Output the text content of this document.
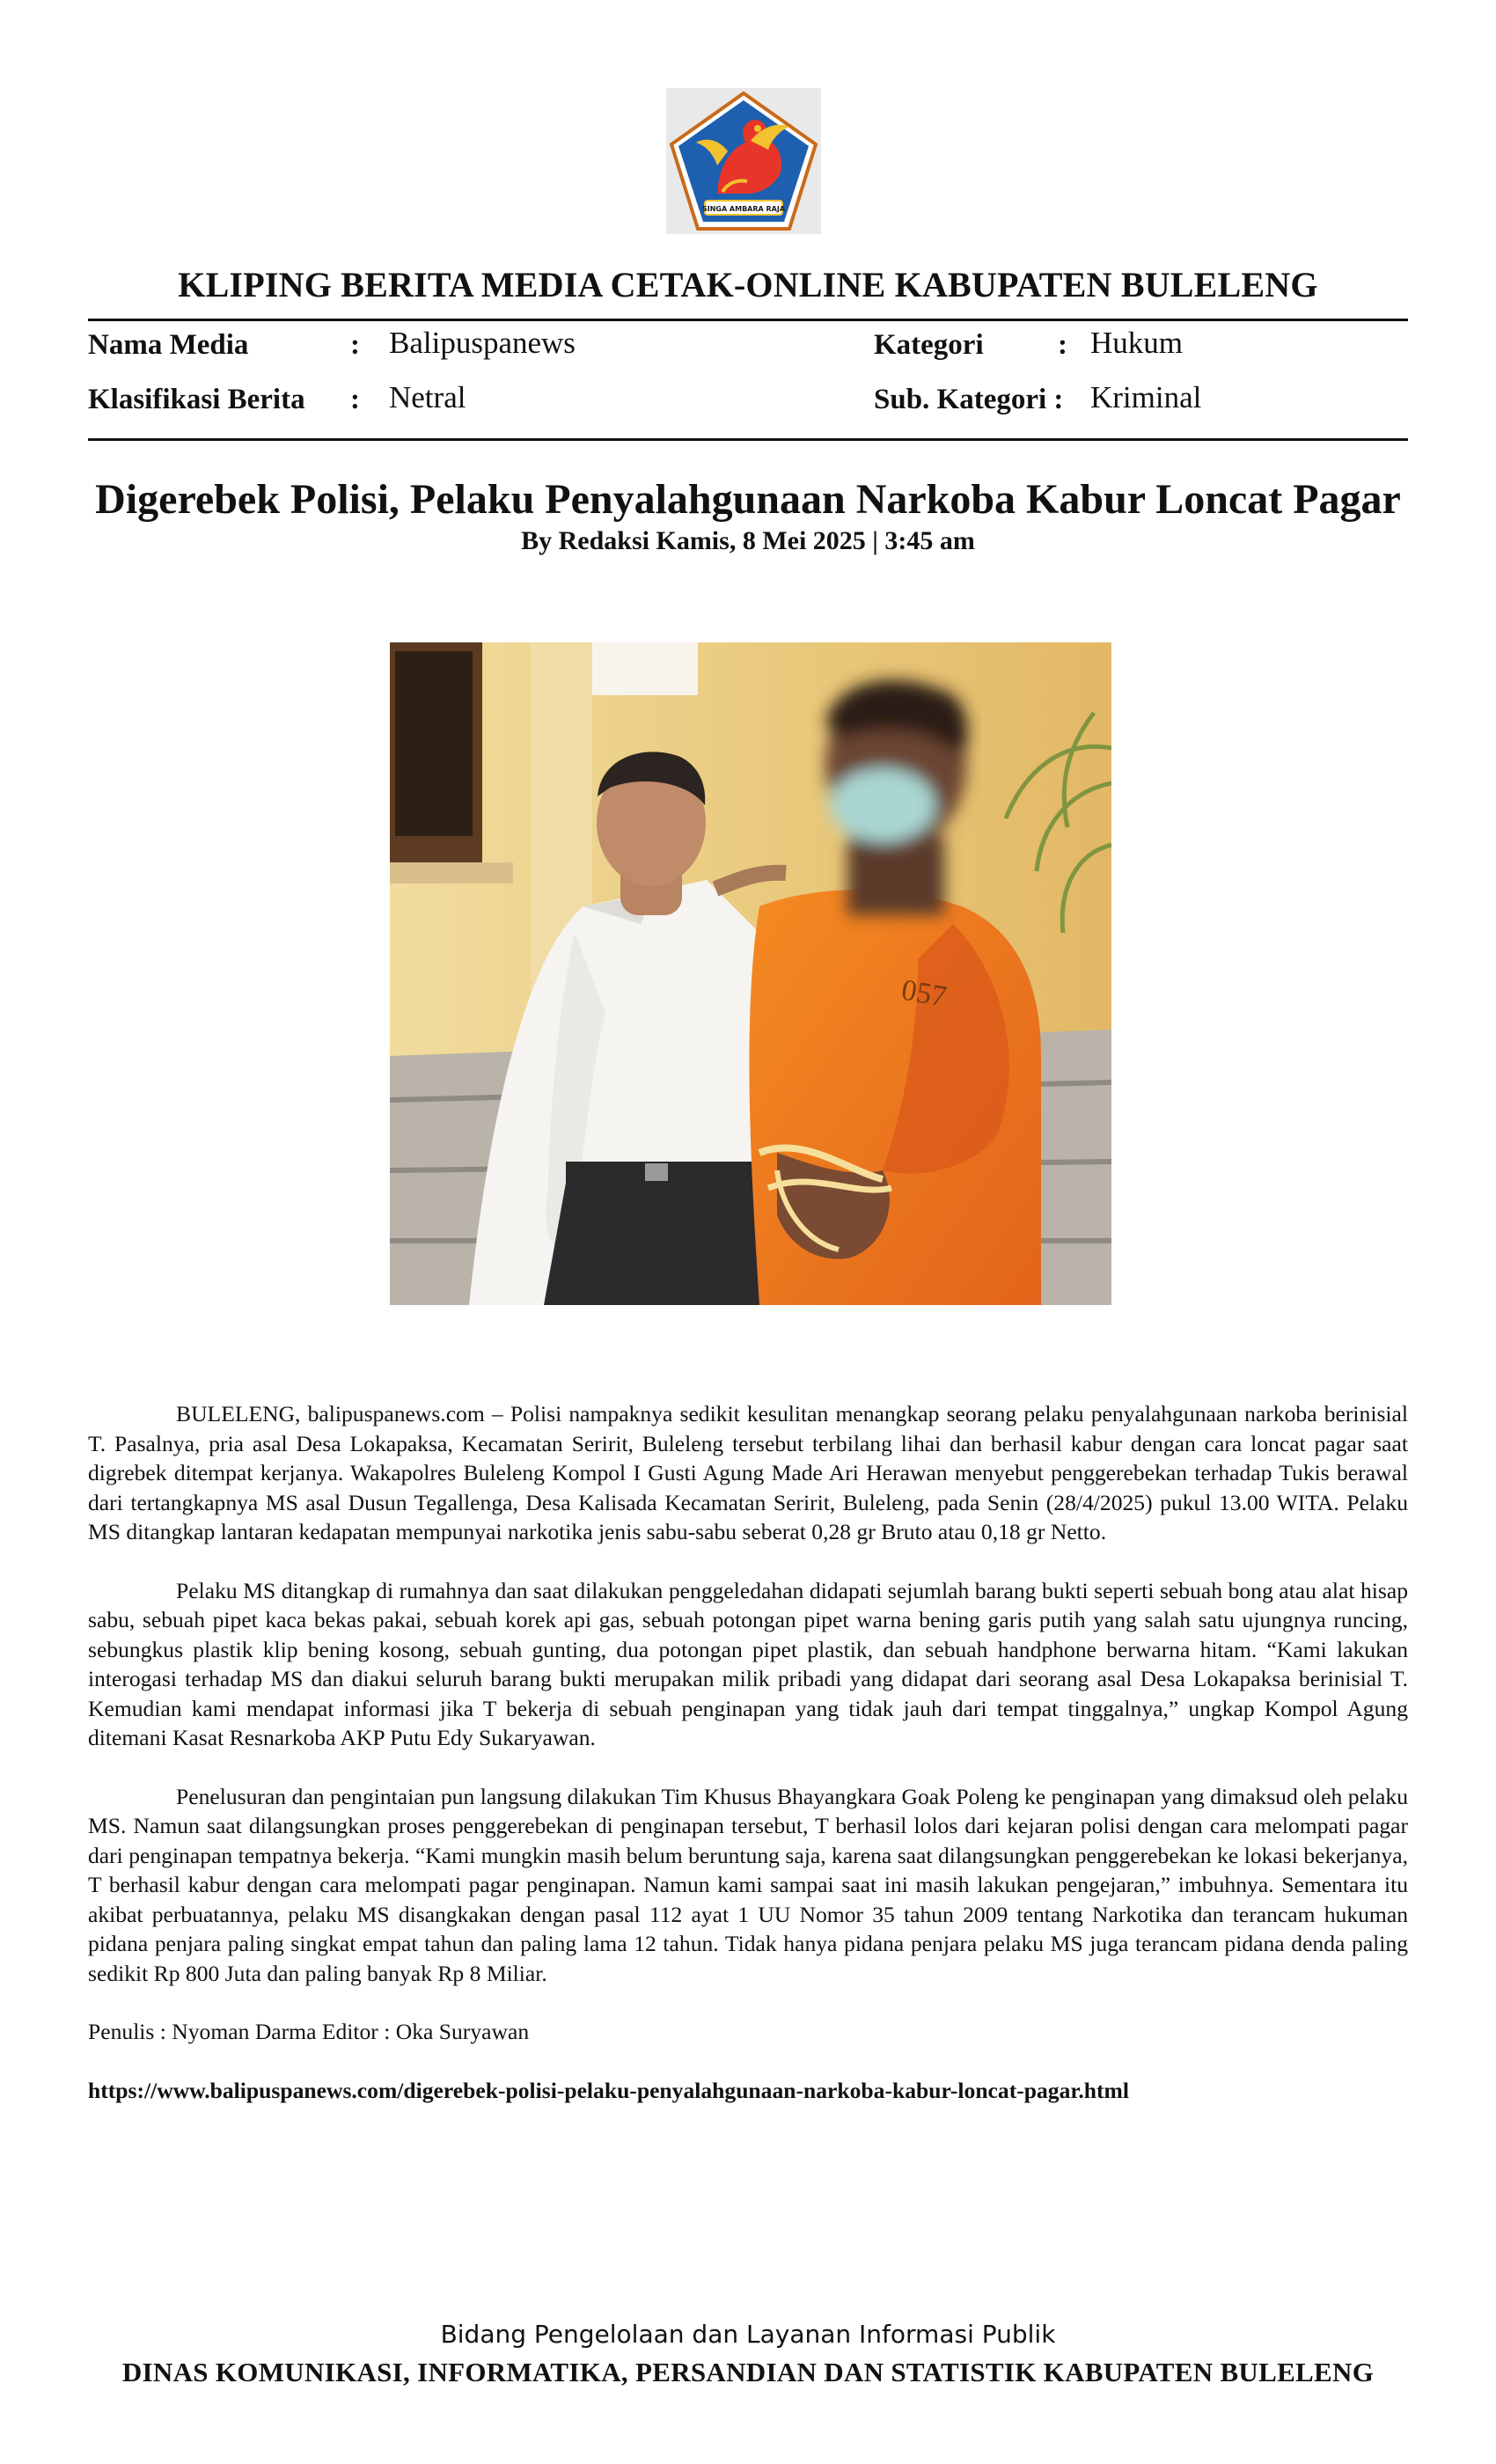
SINGA AMBARA RAJA
KLIPING BERITA MEDIA CETAK-ONLINE KABUPATEN BULELENG
Nama Media	: Balipuspanews	Kategori	: Hukum
Klasifikasi Berita : Netral	Sub. Kategori : Kriminal
Digerebek Polisi, Pelaku Penyalahgunaan Narkoba Kabur Loncat Pagar
By Redaksi Kamis, 8 Mei 2025 | 3:45 am
057

BULELENG, balipuspanews.com – Polisi nampaknya sedikit kesulitan menangkap seorang pelaku penyalahgunaan narkoba berinisial T. Pasalnya, pria asal Desa Lokapaksa, Kecamatan Seririt, Buleleng tersebut terbilang lihai dan berhasil kabur dengan cara loncat pagar saat digrebek ditempat kerjanya. Wakapolres Buleleng Kompol I Gusti Agung Made Ari Herawan menyebut penggerebekan terhadap Tukis berawal dari tertangkapnya MS asal Dusun Tegallenga, Desa Kalisada Kecamatan Seririt, Buleleng, pada Senin (28/4/2025) pukul 13.00 WITA. Pelaku MS ditangkap lantaran kedapatan mempunyai narkotika jenis sabu-sabu seberat 0,28 gr Bruto atau 0,18 gr Netto.

Pelaku MS ditangkap di rumahnya dan saat dilakukan penggeledahan didapati sejumlah barang bukti seperti sebuah bong atau alat hisap sabu, sebuah pipet kaca bekas pakai, sebuah korek api gas, sebuah potongan pipet warna bening garis putih yang salah satu ujungnya runcing, sebungkus plastik klip bening kosong, sebuah gunting, dua potongan pipet plastik, dan sebuah handphone berwarna hitam. “Kami lakukan interogasi terhadap MS dan diakui seluruh barang bukti merupakan milik pribadi yang didapat dari seorang asal Desa Lokapaksa berinisial T. Kemudian kami mendapat informasi jika T bekerja di sebuah penginapan yang tidak jauh dari tempat tinggalnya,” ungkap Kompol Agung ditemani Kasat Resnarkoba AKP Putu Edy Sukaryawan.

Penelusuran dan pengintaian pun langsung dilakukan Tim Khusus Bhayangkara Goak Poleng ke penginapan yang dimaksud oleh pelaku MS. Namun saat dilangsungkan proses penggerebekan di penginapan tersebut, T berhasil lolos dari kejaran polisi dengan cara melompati pagar dari penginapan tempatnya bekerja. “Kami mungkin masih belum beruntung saja, karena saat dilangsungkan penggerebekan ke lokasi bekerjanya, T berhasil kabur dengan cara melompati pagar penginapan. Namun kami sampai saat ini masih lakukan pengejaran,” imbuhnya. Sementara itu akibat perbuatannya, pelaku MS disangkakan dengan pasal 112 ayat 1 UU Nomor 35 tahun 2009 tentang Narkotika dan terancam hukuman pidana penjara paling singkat empat tahun dan paling lama 12 tahun. Tidak hanya pidana penjara pelaku MS juga terancam pidana denda paling sedikit Rp 800 Juta dan paling banyak Rp 8 Miliar.

Penulis : Nyoman Darma Editor : Oka Suryawan

https://www.balipuspanews.com/digerebek-polisi-pelaku-penyalahgunaan-narkoba-kabur-loncat-pagar.html

Bidang Pengelolaan dan Layanan Informasi Publik
DINAS KOMUNIKASI, INFORMATIKA, PERSANDIAN DAN STATISTIK KABUPATEN BULELENG
